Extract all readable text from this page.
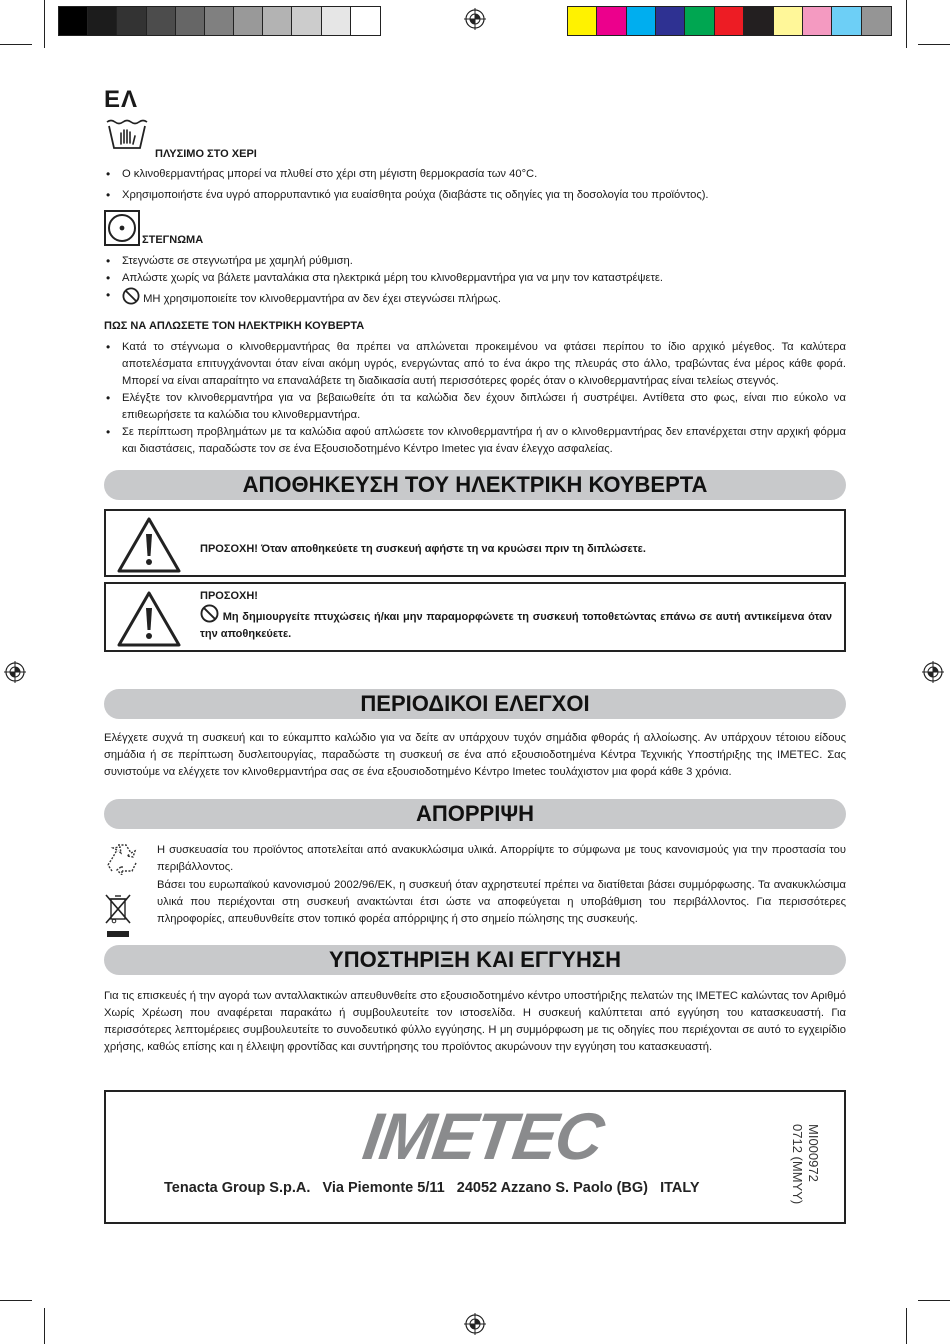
ΕΛ
ΠΛΥΣΙΜΟ ΣΤΟ ΧΕΡΙ
• Ο κλινοθερμαντήρας μπορεί να πλυθεί στο χέρι στη μέγιστη θερμοκρασία των 40°C.
• Χρησιμοποιήστε ένα υγρό απορρυπαντικό για ευαίσθητα ρούχα (διαβάστε τις οδηγίες για τη δοσολογία του προϊόντος).
ΣΤΕΓΝΩΜΑ
• Στεγνώστε σε στεγνωτήρα με χαμηλή ρύθμιση.
• Απλώστε χωρίς να βάλετε μανταλάκια στα ηλεκτρικά μέρη του κλινοθερμαντήρα για να μην τον καταστρέψετε.
• ΜΗ χρησιμοποιείτε τον κλινοθερμαντήρα αν δεν έχει στεγνώσει πλήρως.
ΠΩΣ ΝΑ ΑΠΛΩΣΕΤΕ ΤΟΝ ΗΛΕΚΤΡΙΚΗ ΚΟΥΒΕΡΤΑ
• Κατά το στέγνωμα ο κλινοθερμαντήρας θα πρέπει να απλώνεται προκειμένου να φτάσει περίπου το ίδιο αρχικό μέγεθος. Τα καλύτερα αποτελέσματα επιτυγχάνονται όταν είναι ακόμη υγρός, ενεργώντας από το ένα άκρο της πλευράς στο άλλο, τραβώντας ένα μέρος κάθε φορά. Μπορεί να είναι απαραίτητο να επαναλάβετε τη διαδικασία αυτή περισσότερες φορές όταν ο κλινοθερμαντήρας είναι τελείως στεγνός.
• Ελέγξτε τον κλινοθερμαντήρα για να βεβαιωθείτε ότι τα καλώδια δεν έχουν διπλώσει ή συστρέψει. Αντίθετα στο φως, είναι πιο εύκολο να επιθεωρήσετε τα καλώδια του κλινοθερμαντήρα.
• Σε περίπτωση προβλημάτων με τα καλώδια αφού απλώσετε τον κλινοθερμαντήρα ή αν ο κλινοθερμαντήρας δεν επανέρχεται στην αρχική φόρμα και διαστάσεις, παραδώστε τον σε ένα Εξουσιοδοτημένο Κέντρο Imetec για έναν έλεγχο ασφαλείας.
ΑΠΟΘΗΚΕΥΣΗ ΤΟΥ ΗΛΕΚΤΡΙΚΗ ΚΟΥΒΕΡΤΑ
ΠΡΟΣΟΧΗ! Όταν αποθηκεύετε τη συσκευή αφήστε τη να κρυώσει πριν τη διπλώσετε.
ΠΡΟΣΟΧΗ!
Μη δημιουργείτε πτυχώσεις ή/και μην παραμορφώνετε τη συσκευή τοποθετώντας επάνω σε αυτή αντικείμενα όταν την αποθηκεύετε.
ΠΕΡΙΟΔΙΚΟΙ ΕΛΕΓΧΟΙ
Ελέγχετε συχνά τη συσκευή και το εύκαμπτο καλώδιο για να δείτε αν υπάρχουν τυχόν σημάδια φθοράς ή αλλοίωσης. Αν υπάρχουν τέτοιου είδους σημάδια ή σε περίπτωση δυσλειτουργίας, παραδώστε τη συσκευή σε ένα από εξουσιοδοτημένα Κέντρα Τεχνικής Υποστήριξης της IMETEC. Σας συνιστούμε να ελέγχετε τον κλινοθερμαντήρα σας σε ένα εξουσιοδοτημένο Κέντρο Imetec τουλάχιστον μια φορά κάθε 3 χρόνια.
ΑΠΟΡΡΙΨΗ
Η συσκευασία του προϊόντος αποτελείται από ανακυκλώσιμα υλικά. Απορρίψτε το σύμφωνα με τους κανονισμούς για την προστασία του περιβάλλοντος.
Βάσει του ευρωπαϊκού κανονισμού 2002/96/ΕΚ, η συσκευή όταν αχρηστευτεί πρέπει να διατίθεται βάσει συμμόρφωσης. Τα ανακυκλώσιμα υλικά που περιέχονται στη συσκευή ανακτώνται έτσι ώστε να αποφεύγεται η υποβάθμιση του περιβάλλοντος. Για περισσότερες πληροφορίες, απευθυνθείτε στον τοπικό φορέα απόρριψης ή στο σημείο πώλησης της συσκευής.
ΥΠΟΣΤΗΡΙΞΗ ΚΑΙ ΕΓΓΥΗΣΗ
Για τις επισκευές ή την αγορά των ανταλλακτικών απευθυνθείτε στο εξουσιοδοτημένο κέντρο υποστήριξης πελατών της IMETEC καλώντας τον Αριθμό Χωρίς Χρέωση που αναφέρεται παρακάτω ή συμβουλευτείτε τον ιστοσελίδα. Η συσκευή καλύπτεται από εγγύηση του κατασκευαστή. Για περισσότερες λεπτομέρειες συμβουλευτείτε το συνοδευτικό φύλλο εγγύησης. Η μη συμμόρφωση με τις οδηγίες που περιέχονται σε αυτό το εγχειρίδιο χρήσης, καθώς επίσης και η έλλειψη φροντίδας και συντήρησης του προϊόντος ακυρώνουν την εγγύηση του κατασκευαστή.
IMETEC
Tenacta Group S.p.A.   Via Piemonte 5/11   24052 Azzano S. Paolo (BG)   ITALY
MI000972
0712 (MMYY)
